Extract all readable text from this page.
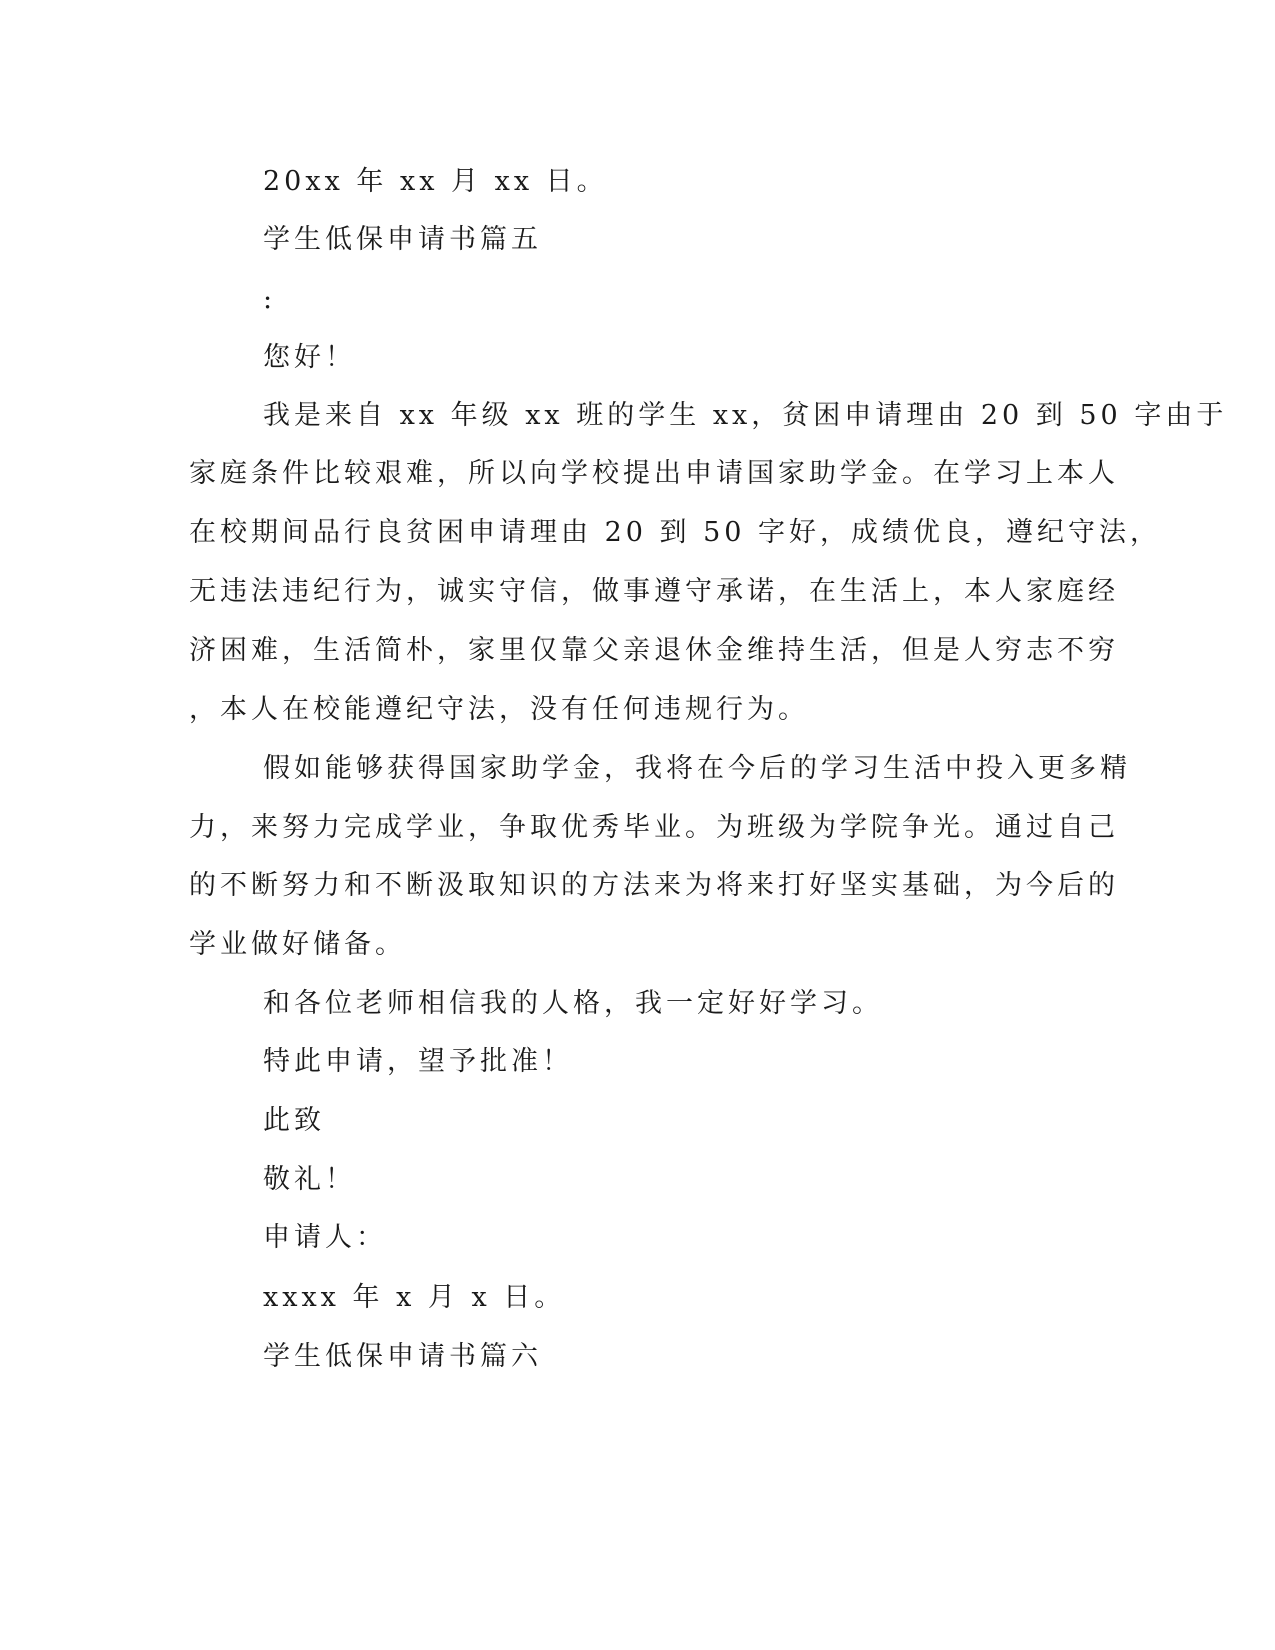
20xx 年 xx 月 xx 日。
学生低保申请书篇五
:
您好！
我是来自 xx 年级 xx 班的学生 xx，贫困申请理由 20 到 50 字由于
家庭条件比较艰难，所以向学校提出申请国家助学金。在学习上本人
在校期间品行良贫困申请理由 20 到 50 字好，成绩优良，遵纪守法，
无违法违纪行为，诚实守信，做事遵守承诺，在生活上，本人家庭经
济困难，生活简朴，家里仅靠父亲退休金维持生活，但是人穷志不穷
，本人在校能遵纪守法，没有任何违规行为。
假如能够获得国家助学金，我将在今后的学习生活中投入更多精
力，来努力完成学业，争取优秀毕业。为班级为学院争光。通过自己
的不断努力和不断汲取知识的方法来为将来打好坚实基础，为今后的
学业做好储备。
和各位老师相信我的人格，我一定好好学习。
特此申请，望予批准！
此致
敬礼！
申请人：
xxxx 年 x 月 x 日。
学生低保申请书篇六
